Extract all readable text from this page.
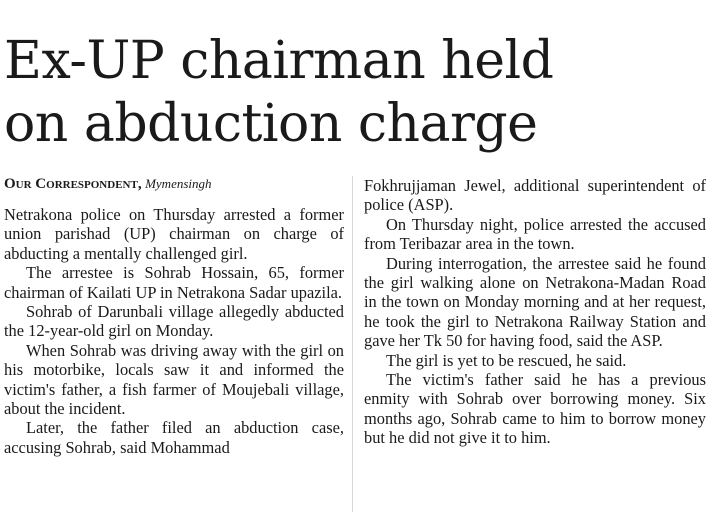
Ex-UP chairman held
on abduction charge
Our Correspondent, Mymensingh

Netrakona police on Thursday arrested a former union parishad (UP) chairman on charge of abducting a mentally challenged girl.

The arrestee is Sohrab Hossain, 65, former chairman of Kailati UP in Netrakona Sadar upazila.

Sohrab of Darunbali village allegedly abducted the 12-year-old girl on Monday.

When Sohrab was driving away with the girl on his motorbike, locals saw it and informed the victim's father, a fish farmer of Moujebali village, about the incident.

Later, the father filed an abduction case, accusing Sohrab, said Mohammad

Fokhrujjaman Jewel, additional superintendent of police (ASP).

On Thursday night, police arrested the accused from Teribazar area in the town.

During interrogation, the arrestee said he found the girl walking alone on Netrakona-Madan Road in the town on Monday morning and at her request, he took the girl to Netrakona Railway Station and gave her Tk 50 for having food, said the ASP.

The girl is yet to be rescued, he said.

The victim's father said he has a previous enmity with Sohrab over borrowing money. Six months ago, Sohrab came to him to borrow money but he did not give it to him.
